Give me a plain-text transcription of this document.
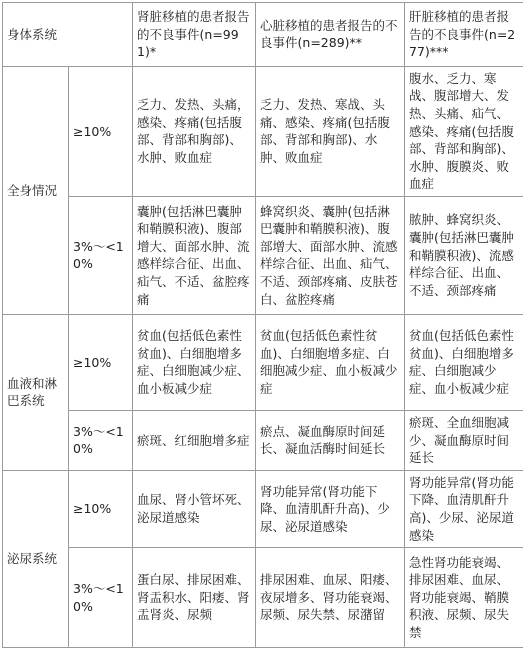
身体系统		肾脏移植的患者报告的不良事件(n=991)*	心脏移植的患者报告的不良事件(n=289)**	肝脏移植的患者报告的不良事件(n=277)***
全身情况	≥10%	乏力、发热、头痛，感染、疼痛(包括腹部、背部和胸部)、水肿、败血症	乏力、发热、寒战、头痛、感染、疼痛(包括腹部、背部和胸部)、水肿、败血症	腹水、乏力、寒战、腹部增大、发热、头痛、疝气、感染、疼痛(包括腹部、背部和胸部)、水肿、腹膜炎、败血症
	3%～<10%	囊肿(包括淋巴囊肿和鞘膜积液)、腹部增大、面部水肿、流感样综合征、出血、疝气、不适、盆腔疼痛	蜂窝织炎、囊肿(包括淋巴囊肿和鞘膜积液)、腹部增大、面部水肿、流感样综合征、出血、疝气、不适、颈部疼痛、皮肤苍白、盆腔疼痛	脓肿、蜂窝织炎、囊肿(包括淋巴囊肿和鞘膜积液)、流感样综合征、出血、不适、颈部疼痛
血液和淋巴系统	≥10%	贫血(包括低色素性贫血)、白细胞增多症、白细胞减少症、血小板减少症	贫血(包括低色素性贫血)、白细胞增多症、白细胞减少症、血小板减少症	贫血(包括低色素性贫血)、白细胞增多症、白细胞减少症、血小板减少症
	3%～<10%	瘀斑、红细胞增多症	瘀点、凝血酶原时间延长、凝血活酶时间延长	瘀斑、全血细胞减少、凝血酶原时间延长
泌尿系统	≥10%	血尿、肾小管坏死、泌尿道感染	肾功能异常(肾功能下降、血清肌酐升高)、少尿、泌尿道感染	肾功能异常(肾功能下降、血清肌酐升高)、少尿、泌尿道感染
	3%～<10%	蛋白尿、排尿困难、肾盂积水、阳痿、肾盂肾炎、尿频	排尿困难、血尿、阳痿、夜尿增多、肾功能衰竭、尿频、尿失禁、尿潴留	急性肾功能衰竭、排尿困难、血尿、肾功能衰竭、鞘膜积液、尿频、尿失禁
